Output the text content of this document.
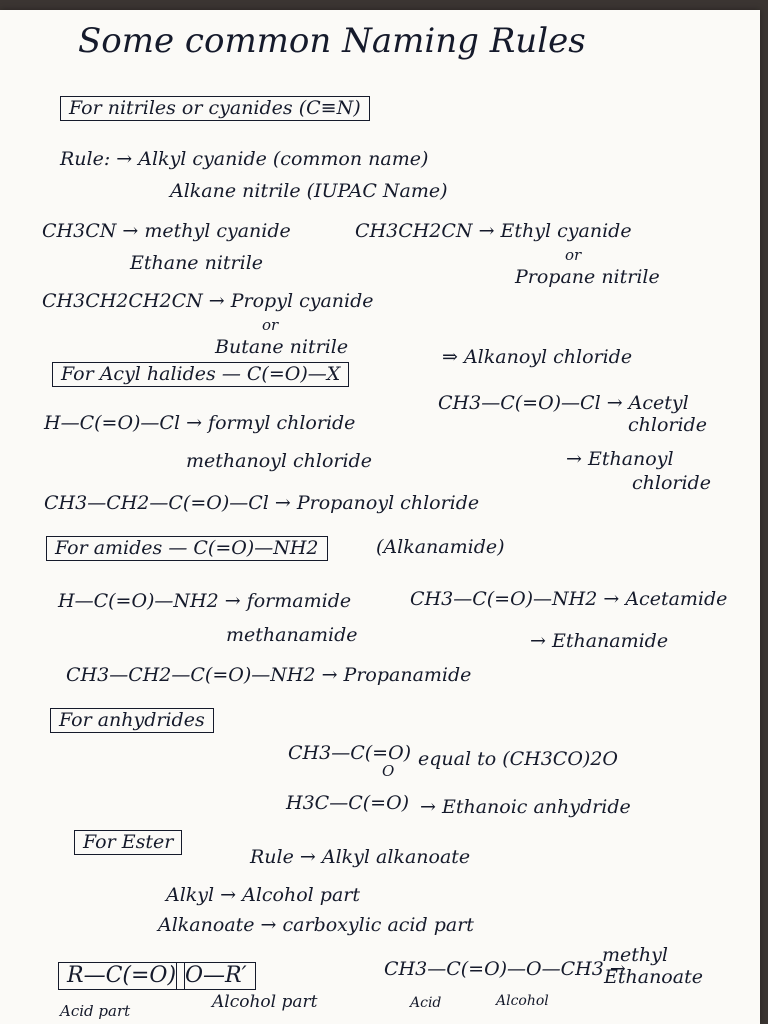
Some common Naming Rules
For nitriles or cyanides (C≡N)
Rule: → Alkyl cyanide (common name)
Alkane nitrile (IUPAC Name)
CH3CN → methyl cyanide
Ethane nitrile
CH3CH2CN → Ethyl cyanide
or
Propane nitrile
CH3CH2CH2CN → Propyl cyanide
or
Butane nitrile
For Acyl halides — C(=O)—X
⇒ Alkanoyl chloride
H—C(=O)—Cl → formyl chloride
methanoyl chloride
CH3—C(=O)—Cl → Acetyl
chloride
→ Ethanoyl
chloride
CH3—CH2—C(=O)—Cl → Propanoyl chloride
For amides — C(=O)—NH2	(Alkanamide)
H—C(=O)—NH2 → formamide
methanamide
CH3—C(=O)—NH2 → Acetamide
→ Ethanamide
CH3—CH2—C(=O)—NH2 → Propanamide
For anhydrides
CH3—C(=O)
O
H3C—C(=O)
equal to (CH3CO)2O
→ Ethanoic anhydride
For Ester
Rule → Alkyl alkanoate
Alkyl → Alcohol part
Alkanoate → carboxylic acid part
R—C(=O) O—R′
Acid part	Alcohol part
CH3—C(=O)—O—CH3 →
methyl
Ethanoate
Acid	Alcohol
